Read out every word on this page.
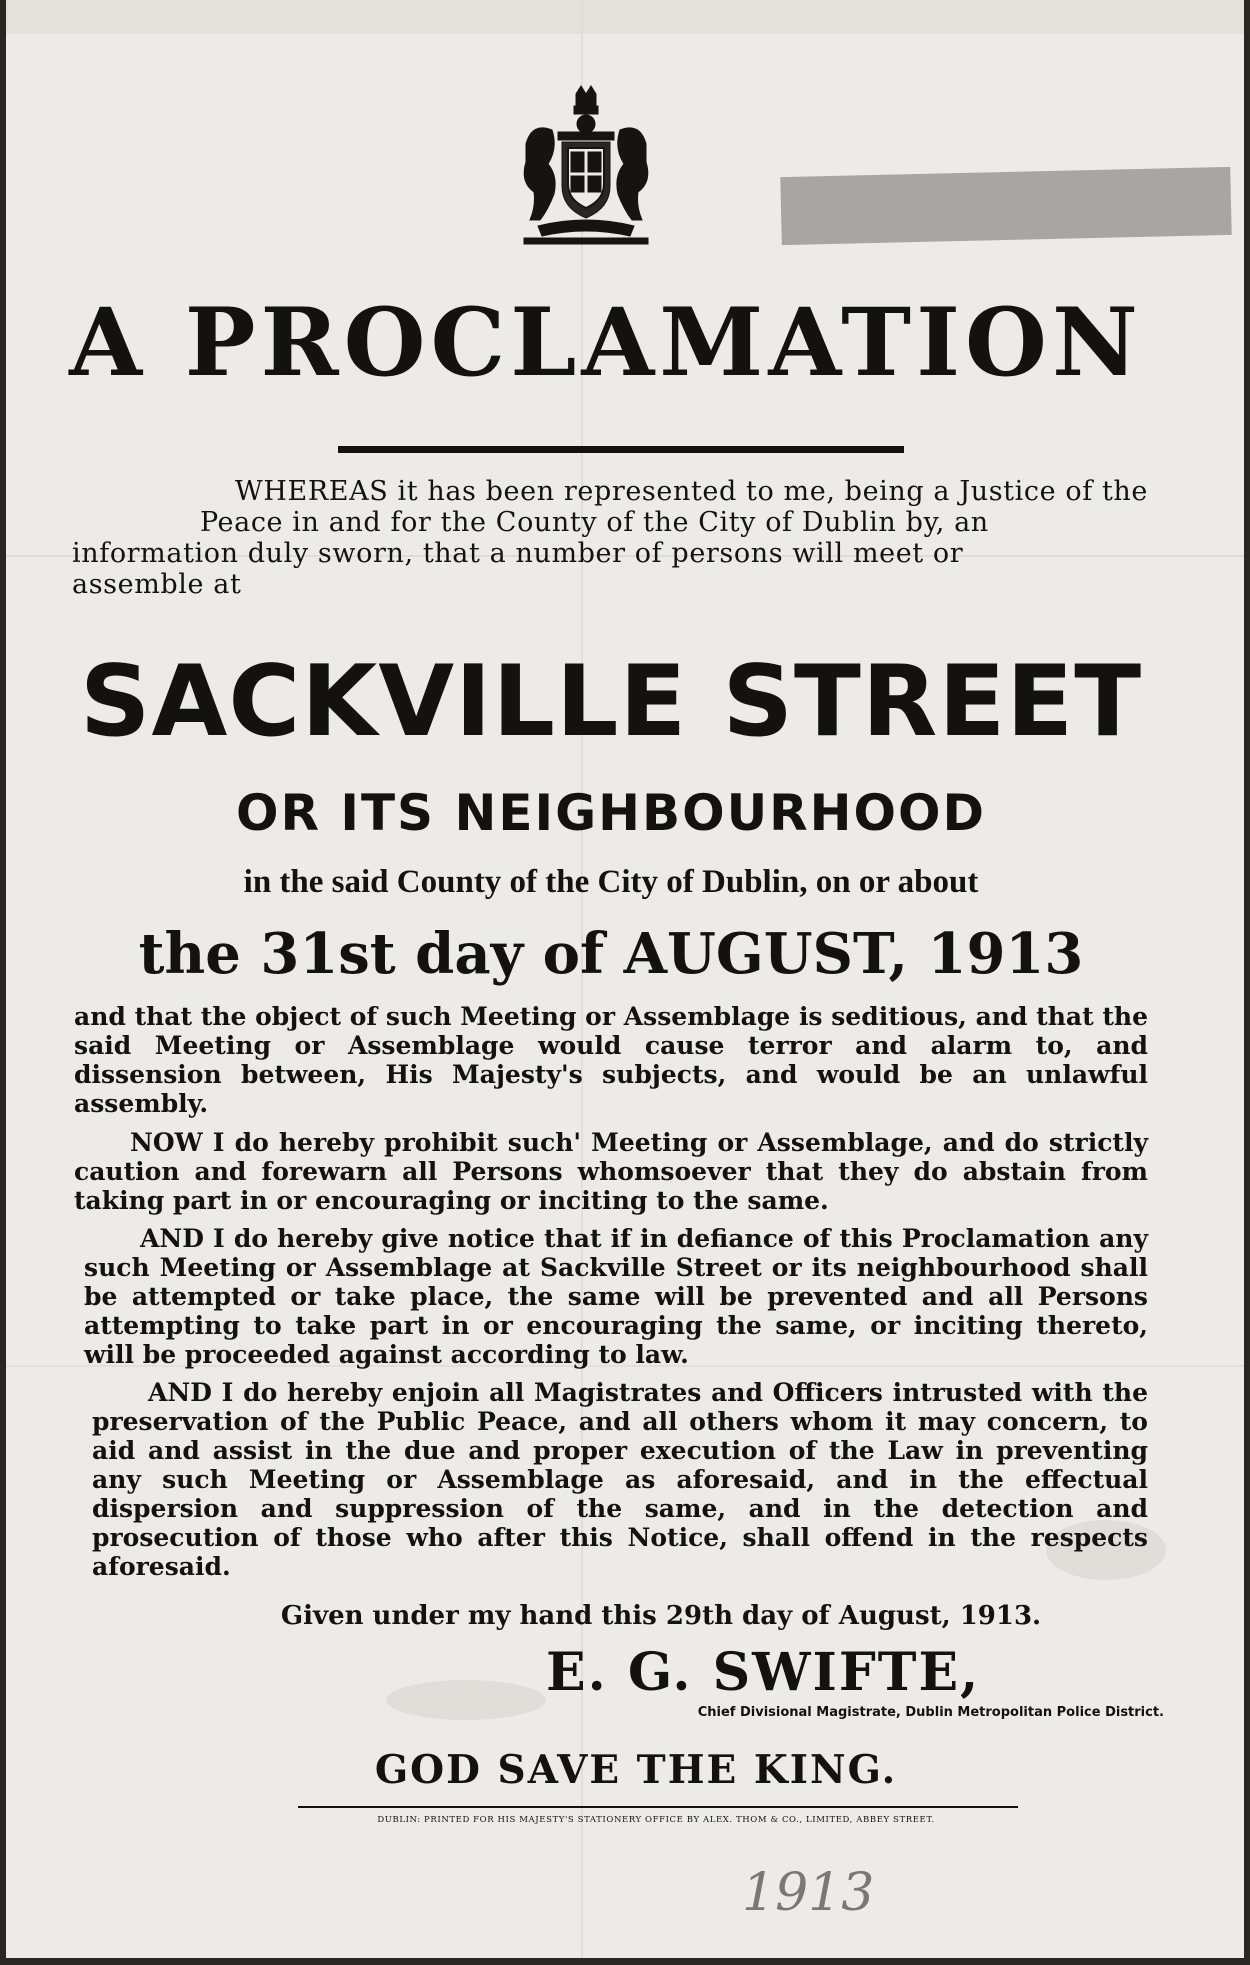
A PROCLAMATION
WHEREAS it has been represented to me, being a Justice of the
Peace in and for the County of the City of Dublin by, an
information duly sworn, that a number of persons will meet or
assemble at
SACKVILLE STREET
OR ITS NEIGHBOURHOOD
in the said County of the City of Dublin, on or about
the 31st day of AUGUST, 1913
and that the object of such Meeting or Assemblage is seditious, and that the said Meeting or Assemblage would cause terror and alarm to, and dissension between, His Majesty's subjects, and would be an unlawful assembly.
NOW I do hereby prohibit such' Meeting or Assemblage, and do strictly caution and forewarn all Persons whomsoever that they do abstain from taking part in or encouraging or inciting to the same.
AND I do hereby give notice that if in defiance of this Proclamation any such Meeting or Assemblage at Sackville Street or its neighbourhood shall be attempted or take place, the same will be prevented and all Persons attempting to take part in or encouraging the same, or inciting thereto, will be proceeded against according to law.
AND I do hereby enjoin all Magistrates and Officers intrusted with the preservation of the Public Peace, and all others whom it may concern, to aid and assist in the due and proper execution of the Law in preventing any such Meeting or Assemblage as aforesaid, and in the effectual dispersion and suppression of the same, and in the detection and prosecution of those who after this Notice, shall offend in the respects aforesaid.
Given under my hand this 29th day of August, 1913.
E. G. SWIFTE,
Chief Divisional Magistrate, Dublin Metropolitan Police District.
GOD SAVE THE KING.
DUBLIN: PRINTED FOR HIS MAJESTY'S STATIONERY OFFICE BY ALEX. THOM & CO., LIMITED, ABBEY STREET.
1913
